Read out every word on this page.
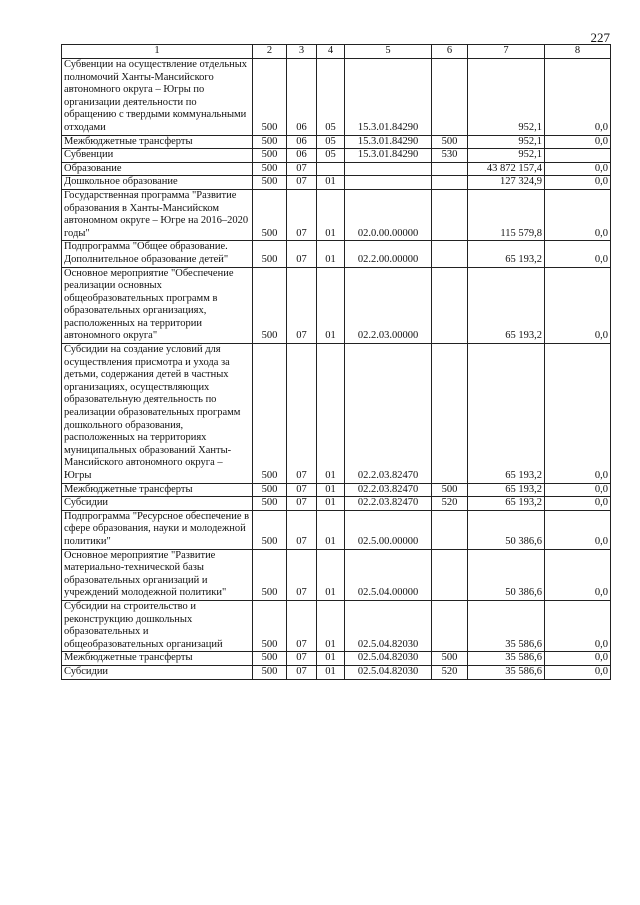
227
1	2	3	4	5	6	7	8
Субвенции на осуществление отдельных полномочий Ханты-Мансийского автономного округа – Югры по организации деятельности по обращению с твердыми коммунальными отходами	500	06	05	15.3.01.84290		952,1	0,0
Межбюджетные трансферты	500	06	05	15.3.01.84290	500	952,1	0,0
Субвенции	500	06	05	15.3.01.84290	530	952,1	
Образование	500	07				43 872 157,4	0,0
Дошкольное образование	500	07	01			127 324,9	0,0
Государственная программа "Развитие образования в Ханты-Мансийском автономном округе – Югре на 2016–2020 годы"	500	07	01	02.0.00.00000		115 579,8	0,0
Подпрограмма "Общее образование. Дополнительное образование детей"	500	07	01	02.2.00.00000		65 193,2	0,0
Основное мероприятие "Обеспечение реализации основных общеобразовательных программ в образовательных организациях, расположенных на территории автономного округа"	500	07	01	02.2.03.00000		65 193,2	0,0
Субсидии на создание условий для осуществления присмотра и ухода за детьми, содержания детей в частных организациях, осуществляющих образовательную деятельность по реализации образовательных программ дошкольного образования, расположенных на территориях муниципальных образований Ханты-Мансийского автономного округа – Югры	500	07	01	02.2.03.82470		65 193,2	0,0
Межбюджетные трансферты	500	07	01	02.2.03.82470	500	65 193,2	0,0
Субсидии	500	07	01	02.2.03.82470	520	65 193,2	0,0
Подпрограмма "Ресурсное обеспечение в сфере образования, науки и молодежной политики"	500	07	01	02.5.00.00000		50 386,6	0,0
Основное мероприятие "Развитие материально-технической базы образовательных организаций и учреждений молодежной политики"	500	07	01	02.5.04.00000		50 386,6	0,0
Субсидии на строительство и реконструкцию дошкольных образовательных и общеобразовательных организаций	500	07	01	02.5.04.82030		35 586,6	0,0
Межбюджетные трансферты	500	07	01	02.5.04.82030	500	35 586,6	0,0
Субсидии	500	07	01	02.5.04.82030	520	35 586,6	0,0
